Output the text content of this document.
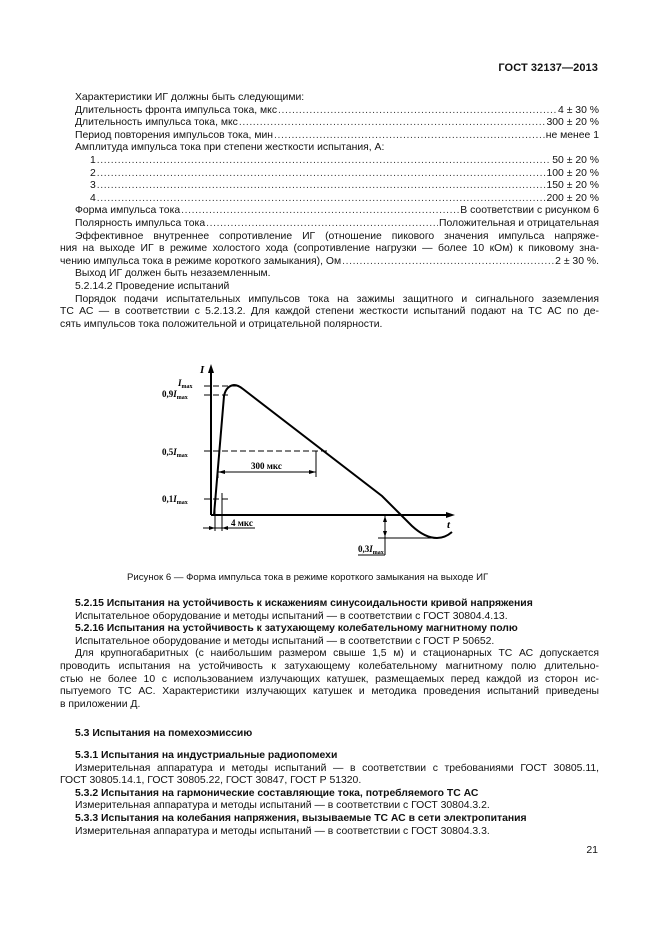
ГОСТ 32137—2013
Характеристики ИГ должны быть следующими:
Длительность фронта импульса тока, мкс .....	4 ± 30 %
Длительность импульса тока, мкс .....	300 ± 20 %
Период повторения импульсов тока, мин .....	не менее 1
Амплитуда импульса тока при степени жесткости испытания, А:
1 .....	50 ± 20 %
2 .....	100 ± 20 %
3 .....	150 ± 20 %
4 .....	200 ± 20 %
Форма импульса тока .....	В соответствии с рисунком 6
Полярность импульса тока .....	Положительная и отрицательная
Эффективное внутреннее сопротивление ИГ (отношение пикового значения импульса напряже-
ния на выходе ИГ в режиме холостого хода (сопротивление нагрузки — более 10 кОм) к пиковому зна-
чению импульса тока в режиме короткого замыкания), Ом .....	2 ± 30 %.
Выход ИГ должен быть незаземленным.
5.2.14.2 Проведение испытаний
Порядок подачи испытательных импульсов тока на зажимы защитного и сигнального заземления
ТС АС — в соответствии с 5.2.13.2. Для каждой степени жесткости испытаний подают на ТС АС по де-
сять импульсов тока положительной и отрицательной полярности.
I
t
$I_{max}$
$0,9I_{max}$
$0,5I_{max}$
$0,1I_{max}$
$0,3I_{max}$
300 мкс
4 мкс
Рисунок 6 — Форма импульса тока в режиме короткого замыкания на выходе ИГ
5.2.15 Испытания на устойчивость к искажениям синусоидальности кривой напряжения
Испытательное оборудование и методы испытаний — в соответствии с ГОСТ 30804.4.13.
5.2.16 Испытания на устойчивость к затухающему колебательному магнитному полю
Испытательное оборудование и методы испытаний — в соответствии с ГОСТ Р 50652.
Для крупногабаритных (с наибольшим размером свыше 1,5 м) и стационарных ТС АС допускается
проводить испытания на устойчивость к затухающему колебательному магнитному полю длительно-
стью не более 10 с использованием излучающих катушек, размещаемых перед каждой из сторон ис-
пытуемого ТС АС. Характеристики излучающих катушек и методика проведения испытаний приведены
в приложении Д.
5.3 Испытания на помехоэмиссию
5.3.1 Испытания на индустриальные радиопомехи
Измерительная аппаратура и методы испытаний — в соответствии с требованиями ГОСТ 30805.11,
ГОСТ 30805.14.1, ГОСТ 30805.22, ГОСТ 30847, ГОСТ Р 51320.
5.3.2 Испытания на гармонические составляющие тока, потребляемого ТС АС
Измерительная аппаратура и методы испытаний — в соответствии с ГОСТ 30804.3.2.
5.3.3 Испытания на колебания напряжения, вызываемые ТС АС в сети электропитания
Измерительная аппаратура и методы испытаний — в соответствии с ГОСТ 30804.3.3.
21
